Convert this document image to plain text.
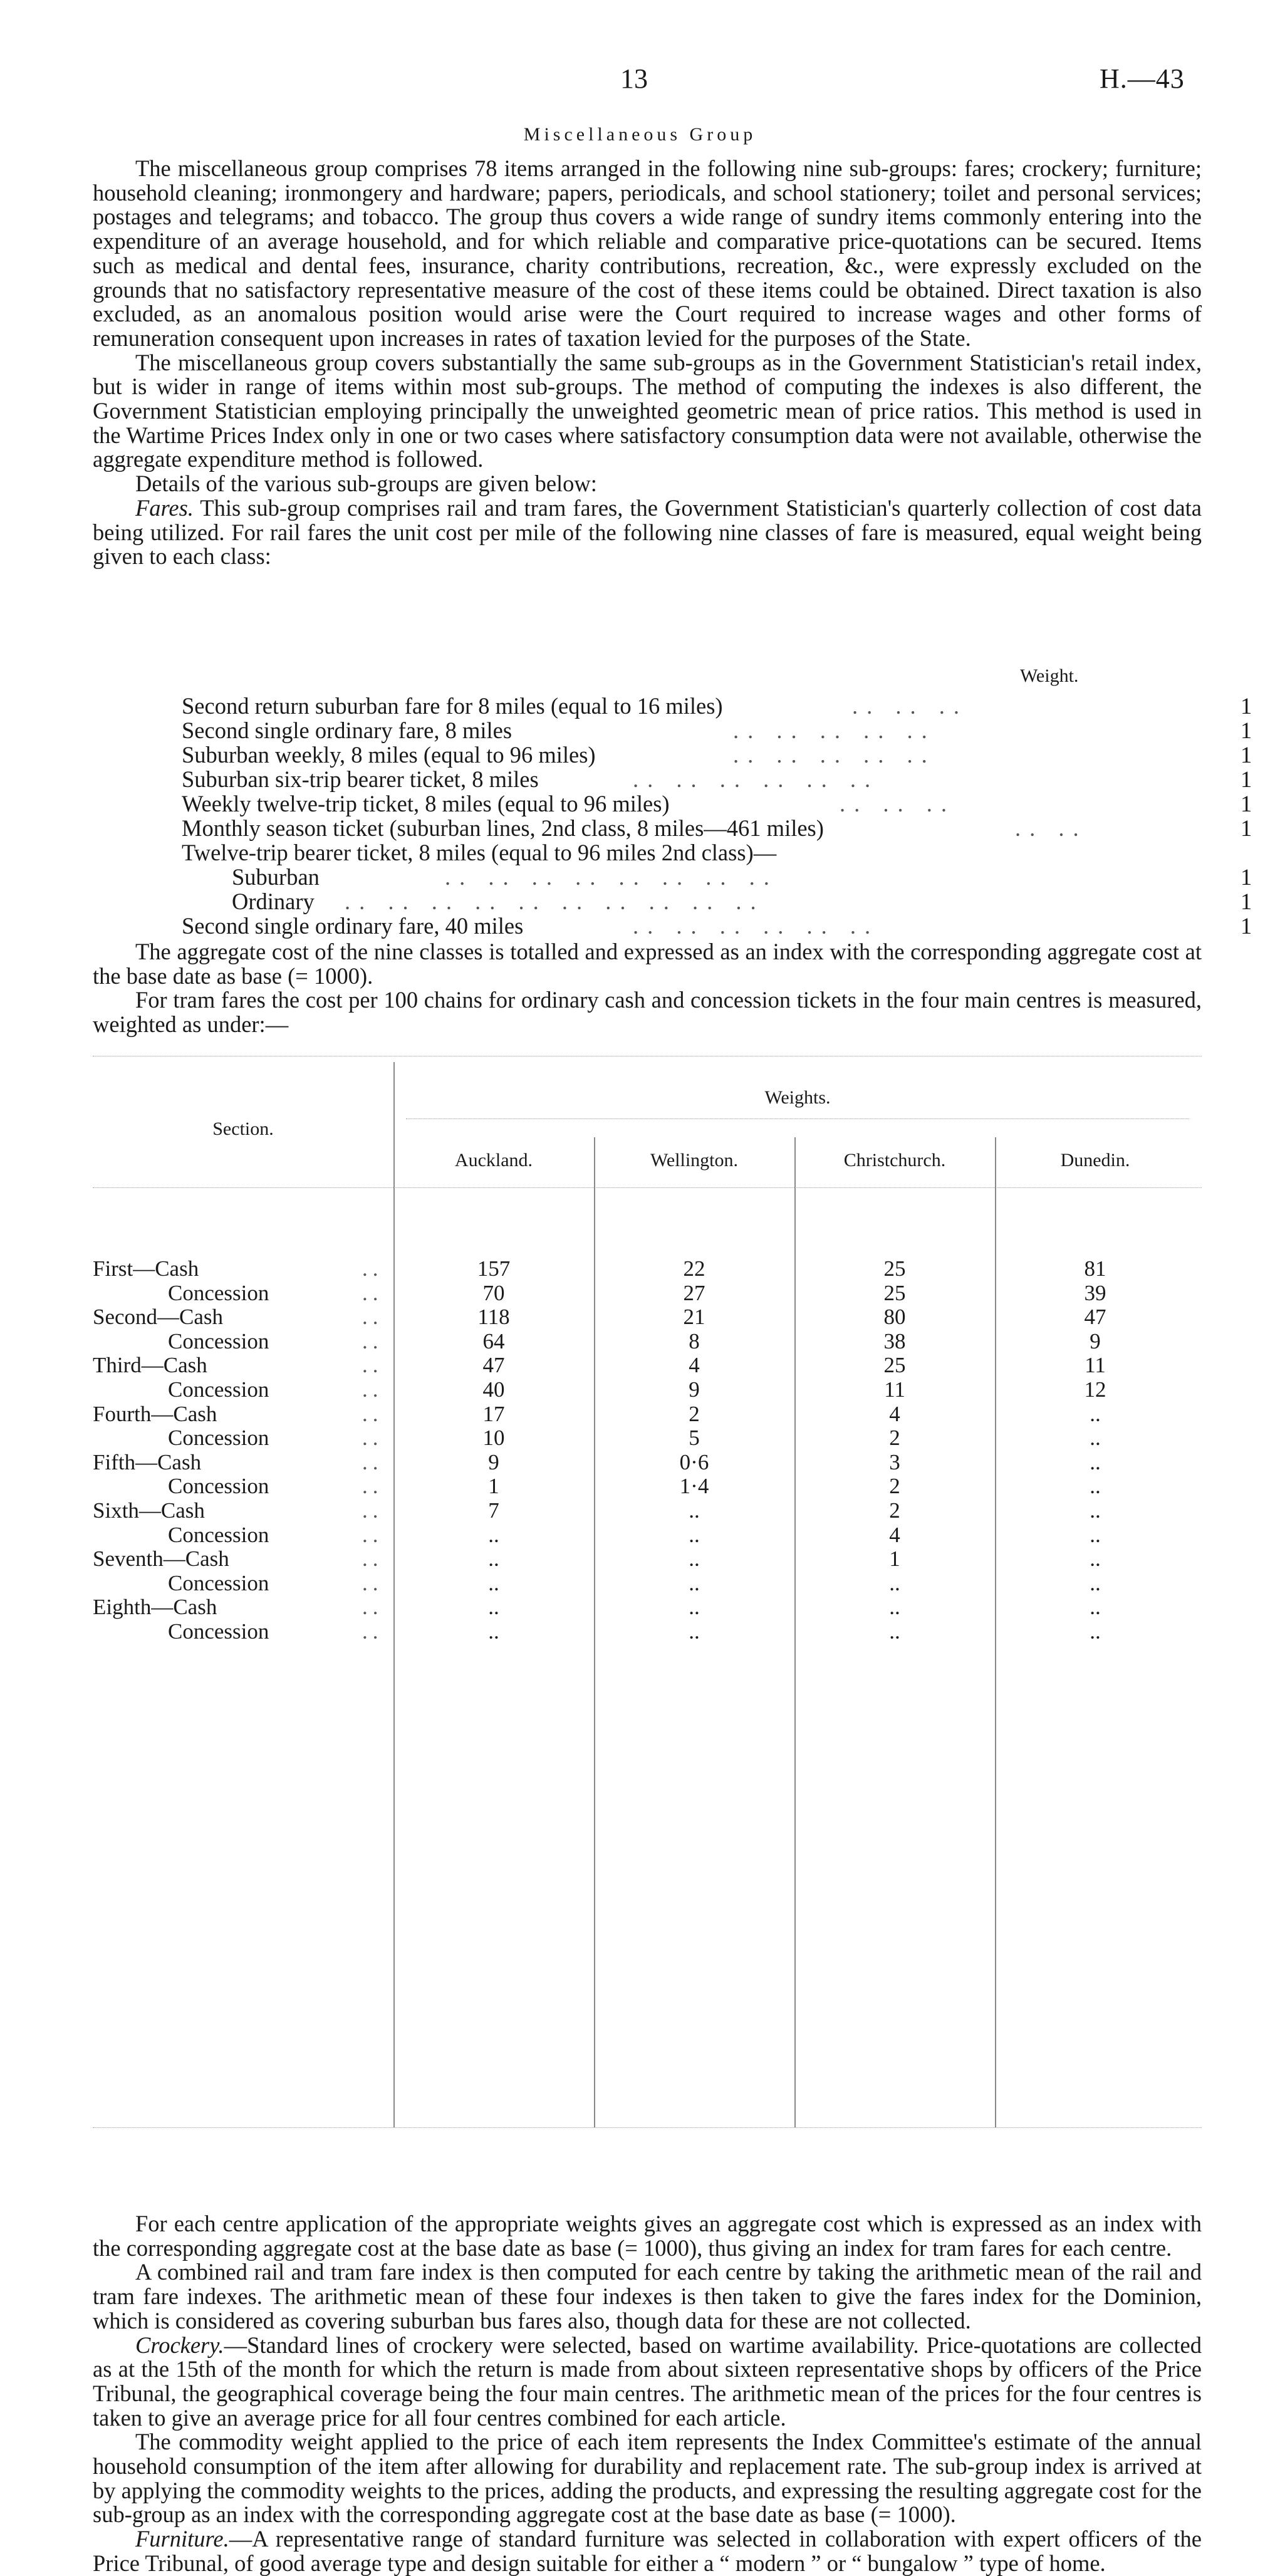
13	H.—43
Miscellaneous Group

The miscellaneous group comprises 78 items arranged in the following nine sub-groups: fares; crockery; furniture; household cleaning; ironmongery and hardware; papers, periodicals, and school stationery; toilet and personal services; postages and telegrams; and tobacco. The group thus covers a wide range of sundry items commonly entering into the expenditure of an average household, and for which reliable and comparative price-quotations can be secured. Items such as medical and dental fees, insurance, charity contributions, recreation, &c., were expressly excluded on the grounds that no satisfactory representative measure of the cost of these items could be obtained. Direct taxation is also excluded, as an anomalous position would arise were the Court required to increase wages and other forms of remuneration consequent upon increases in rates of taxation levied for the purposes of the State.

The miscellaneous group covers substantially the same sub-groups as in the Government Statistician's retail index, but is wider in range of items within most sub-groups. The method of computing the indexes is also different, the Government Statistician employing principally the unweighted geometric mean of price ratios. This method is used in the Wartime Prices Index only in one or two cases where satisfactory consumption data were not available, otherwise the aggregate expenditure method is followed.

Details of the various sub-groups are given below:

Fares. This sub-group comprises rail and tram fares, the Government Statistician's quarterly collection of cost data being utilized. For rail fares the unit cost per mile of the following nine classes of fare is measured, equal weight being given to each class:

Weight.
Second return suburban fare for 8 miles (equal to 16 miles)	.. .. ..	1
Second single ordinary fare, 8 miles	.. .. .. .. ..	1
Suburban weekly, 8 miles (equal to 96 miles)	.. .. .. .. ..	1
Suburban six-trip bearer ticket, 8 miles	.. .. .. .. .. ..	1
Weekly twelve-trip ticket, 8 miles (equal to 96 miles)	.. .. ..	1
Monthly season ticket (suburban lines, 2nd class, 8 miles—461 miles)	.. ..	1
Twelve-trip bearer ticket, 8 miles (equal to 96 miles 2nd class)—
Suburban	.. .. .. .. .. .. .. ..	1
Ordinary .. .. .. .. .. .. .. .. .. ..	1
Second single ordinary fare, 40 miles	.. .. .. .. .. ..	1

The aggregate cost of the nine classes is totalled and expressed as an index with the corresponding aggregate cost at the base date as base (= 1000).

For tram fares the cost per 100 chains for ordinary cash and concession tickets in the four main centres is measured, weighted as under:—

Section.
Weights.
Auckland.	Wellington.	Christchurch.	Dunedin.
First—Cash	..	157	22	25	81
Concession	..	70	27	25	39
Second—Cash	..	118	21	80	47
Concession	..	64	8	38	9
Third—Cash	..	47	4	25	11
Concession	..	40	9	11	12
Fourth—Cash	..	17	2	4	..
Concession	..	10	5	2	..
Fifth—Cash	..	9	0·6	3	..
Concession	..	1	1·4	2	..
Sixth—Cash	..	7	..	2	..
Concession	..	..	..	4	..
Seventh—Cash	..	..	..	1	..
Concession	..	..	..	..	..
Eighth—Cash	..	..	..	..	..
Concession	..	..	..	..	..

For each centre application of the appropriate weights gives an aggregate cost which is expressed as an index with the corresponding aggregate cost at the base date as base (= 1000), thus giving an index for tram fares for each centre.

A combined rail and tram fare index is then computed for each centre by taking the arithmetic mean of the rail and tram fare indexes. The arithmetic mean of these four indexes is then taken to give the fares index for the Dominion, which is considered as covering suburban bus fares also, though data for these are not collected.

Crockery.—Standard lines of crockery were selected, based on wartime availability. Price-quotations are collected as at the 15th of the month for which the return is made from about sixteen representative shops by officers of the Price Tribunal, the geographical coverage being the four main centres. The arithmetic mean of the prices for the four centres is taken to give an average price for all four centres combined for each article.

The commodity weight applied to the price of each item represents the Index Committee's estimate of the annual household consumption of the item after allowing for durability and replacement rate. The sub-group index is arrived at by applying the commodity weights to the prices, adding the products, and expressing the resulting aggregate cost for the sub-group as an index with the corresponding aggregate cost at the base date as base (= 1000).

Furniture.—A representative range of standard furniture was selected in collaboration with expert officers of the Price Tribunal, of good average type and design suitable for either a “ modern ” or “ bungalow ” type of home.
